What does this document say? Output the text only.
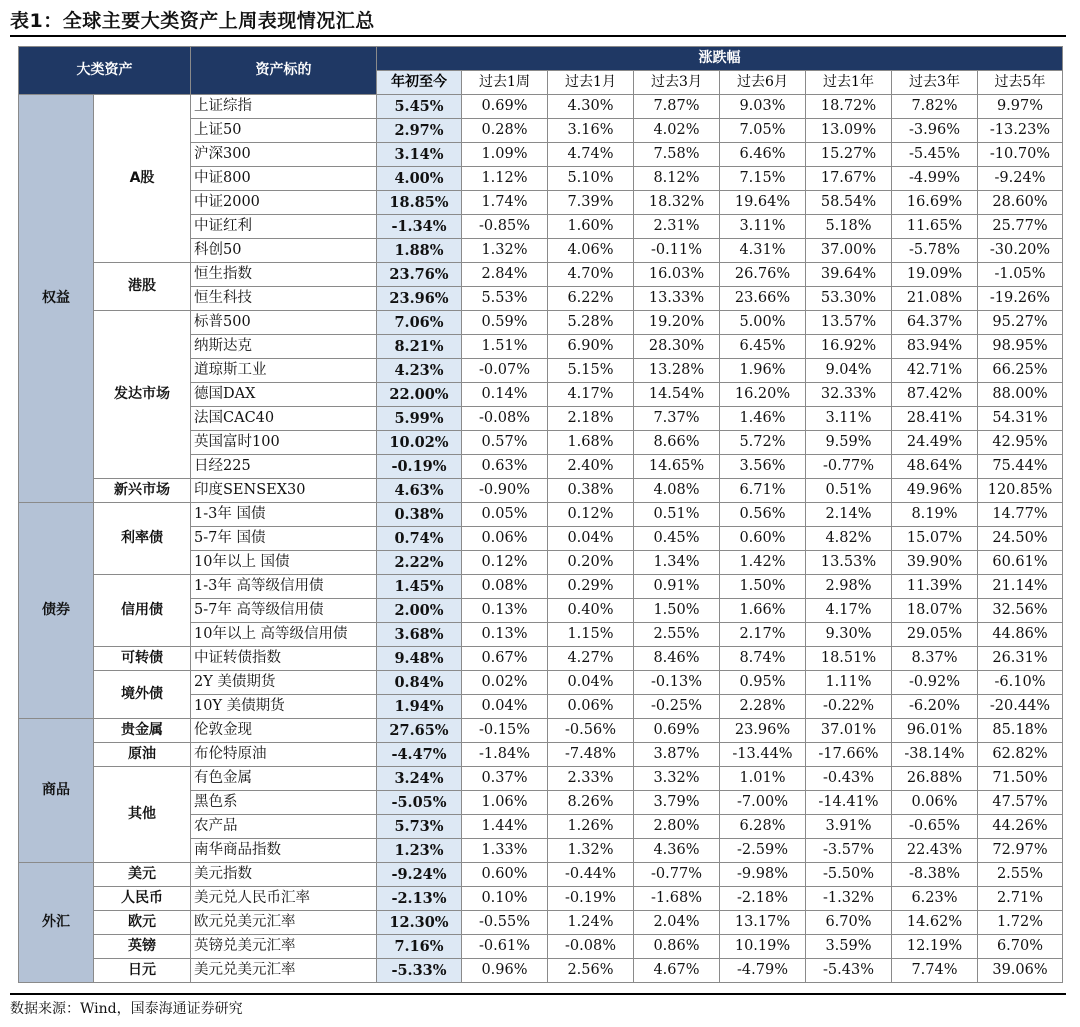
表1：全球主要大类资产上周表现情况汇总
大类资产		资产标的	涨跌幅							
			年初至今	过去1周	过去1月	过去3月	过去6月	过去1年	过去3年	过去5年
权益	A股	上证综指	5.45%	0.69%	4.30%	7.87%	9.03%	18.72%	7.82%	9.97%
		上证50	2.97%	0.28%	3.16%	4.02%	7.05%	13.09%	-3.96%	-13.23%
		沪深300	3.14%	1.09%	4.74%	7.58%	6.46%	15.27%	-5.45%	-10.70%
		中证800	4.00%	1.12%	5.10%	8.12%	7.15%	17.67%	-4.99%	-9.24%
		中证2000	18.85%	1.74%	7.39%	18.32%	19.64%	58.54%	16.69%	28.60%
		中证红利	-1.34%	-0.85%	1.60%	2.31%	3.11%	5.18%	11.65%	25.77%
		科创50	1.88%	1.32%	4.06%	-0.11%	4.31%	37.00%	-5.78%	-30.20%
	港股	恒生指数	23.76%	2.84%	4.70%	16.03%	26.76%	39.64%	19.09%	-1.05%
		恒生科技	23.96%	5.53%	6.22%	13.33%	23.66%	53.30%	21.08%	-19.26%
	发达市场	标普500	7.06%	0.59%	5.28%	19.20%	5.00%	13.57%	64.37%	95.27%
		纳斯达克	8.21%	1.51%	6.90%	28.30%	6.45%	16.92%	83.94%	98.95%
		道琼斯工业	4.23%	-0.07%	5.15%	13.28%	1.96%	9.04%	42.71%	66.25%
		德国DAX	22.00%	0.14%	4.17%	14.54%	16.20%	32.33%	87.42%	88.00%
		法国CAC40	5.99%	-0.08%	2.18%	7.37%	1.46%	3.11%	28.41%	54.31%
		英国富时100	10.02%	0.57%	1.68%	8.66%	5.72%	9.59%	24.49%	42.95%
		日经225	-0.19%	0.63%	2.40%	14.65%	3.56%	-0.77%	48.64%	75.44%
	新兴市场	印度SENSEX30	4.63%	-0.90%	0.38%	4.08%	6.71%	0.51%	49.96%	120.85%
债券	利率债	1-3年 国债	0.38%	0.05%	0.12%	0.51%	0.56%	2.14%	8.19%	14.77%
		5-7年 国债	0.74%	0.06%	0.04%	0.45%	0.60%	4.82%	15.07%	24.50%
		10年以上 国债	2.22%	0.12%	0.20%	1.34%	1.42%	13.53%	39.90%	60.61%
	信用债	1-3年 高等级信用债	1.45%	0.08%	0.29%	0.91%	1.50%	2.98%	11.39%	21.14%
		5-7年 高等级信用债	2.00%	0.13%	0.40%	1.50%	1.66%	4.17%	18.07%	32.56%
		10年以上 高等级信用债	3.68%	0.13%	1.15%	2.55%	2.17%	9.30%	29.05%	44.86%
	可转债	中证转债指数	9.48%	0.67%	4.27%	8.46%	8.74%	18.51%	8.37%	26.31%
	境外债	2Y 美债期货	0.84%	0.02%	0.04%	-0.13%	0.95%	1.11%	-0.92%	-6.10%
		10Y 美债期货	1.94%	0.04%	0.06%	-0.25%	2.28%	-0.22%	-6.20%	-20.44%
商品	贵金属	伦敦金现	27.65%	-0.15%	-0.56%	0.69%	23.96%	37.01%	96.01%	85.18%
	原油	布伦特原油	-4.47%	-1.84%	-7.48%	3.87%	-13.44%	-17.66%	-38.14%	62.82%
	其他	有色金属	3.24%	0.37%	2.33%	3.32%	1.01%	-0.43%	26.88%	71.50%
		黑色系	-5.05%	1.06%	8.26%	3.79%	-7.00%	-14.41%	0.06%	47.57%
		农产品	5.73%	1.44%	1.26%	2.80%	6.28%	3.91%	-0.65%	44.26%
		南华商品指数	1.23%	1.33%	1.32%	4.36%	-2.59%	-3.57%	22.43%	72.97%
外汇	美元	美元指数	-9.24%	0.60%	-0.44%	-0.77%	-9.98%	-5.50%	-8.38%	2.55%
	人民币	美元兑人民币汇率	-2.13%	0.10%	-0.19%	-1.68%	-2.18%	-1.32%	6.23%	2.71%
	欧元	欧元兑美元汇率	12.30%	-0.55%	1.24%	2.04%	13.17%	6.70%	14.62%	1.72%
	英镑	英镑兑美元汇率	7.16%	-0.61%	-0.08%	0.86%	10.19%	3.59%	12.19%	6.70%
	日元	美元兑美元汇率	-5.33%	0.96%	2.56%	4.67%	-4.79%	-5.43%	7.74%	39.06%
数据来源：Wind，国泰海通证券研究
